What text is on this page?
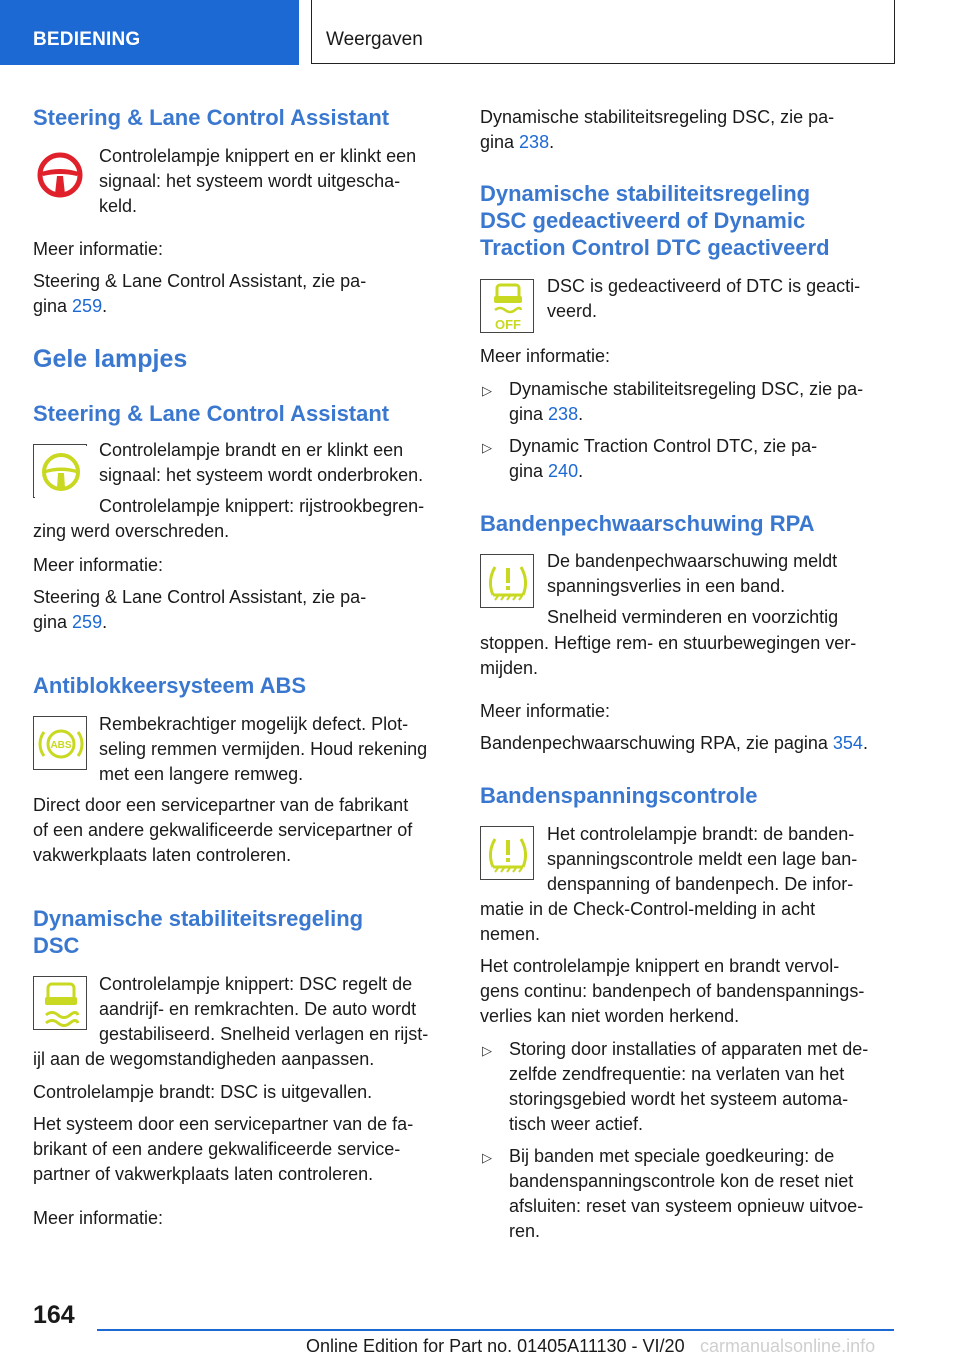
BEDIENING	Weergaven
Steering & Lane Control Assistant
Controlelampje knippert en er klinkt een
signaal: het systeem wordt uitgescha-
keld.
Meer informatie:
Steering & Lane Control Assistant, zie pa-
gina 259.
Gele lampjes
Steering & Lane Control Assistant
Controlelampje brandt en er klinkt een
signaal: het systeem wordt onderbroken.
Controlelampje knippert: rijstrookbegren-
zing werd overschreden.
Meer informatie:
Steering & Lane Control Assistant, zie pa-
gina 259.
Antiblokkeersysteem ABS
ABS
Rembekrachtiger mogelijk defect. Plot-
seling remmen vermijden. Houd rekening
met een langere remweg.
Direct door een servicepartner van de fabrikant
of een andere gekwalificeerde servicepartner of
vakwerkplaats laten controleren.
Dynamische stabiliteitsregeling
DSC
Controlelampje knippert: DSC regelt de
aandrijf- en remkrachten. De auto wordt
gestabiliseerd. Snelheid verlagen en rijst-
ijl aan de wegomstandigheden aanpassen.
Controlelampje brandt: DSC is uitgevallen.
Het systeem door een servicepartner van de fa-
brikant of een andere gekwalificeerde service-
partner of vakwerkplaats laten controleren.
Meer informatie:
Dynamische stabiliteitsregeling DSC, zie pa-
gina 238.
Dynamische stabiliteitsregeling
DSC gedeactiveerd of Dynamic
Traction Control DTC geactiveerd
OFF
DSC is gedeactiveerd of DTC is geacti-
veerd.
Meer informatie:
▷ Dynamische stabiliteitsregeling DSC, zie pa-
gina 238.
▷ Dynamic Traction Control DTC, zie pa-
gina 240.
Bandenpechwaarschuwing RPA
De bandenpechwaarschuwing meldt
spanningsverlies in een band.
Snelheid verminderen en voorzichtig
stoppen. Heftige rem- en stuurbewegingen ver-
mijden.
Meer informatie:
Bandenpechwaarschuwing RPA, zie pagina 354.
Bandenspanningscontrole
Het controlelampje brandt: de banden-
spanningscontrole meldt een lage ban-
denspanning of bandenpech. De infor-
matie in de Check-Control-melding in acht
nemen.
Het controlelampje knippert en brandt vervol-
gens continu: bandenpech of bandenspannings-
verlies kan niet worden herkend.
▷ Storing door installaties of apparaten met de-
zelfde zendfrequentie: na verlaten van het
storingsgebied wordt het systeem automa-
tisch weer actief.
▷ Bij banden met speciale goedkeuring: de
bandenspanningscontrole kon de reset niet
afsluiten: reset van systeem opnieuw uitvoe-
ren.
164
Online Edition for Part no. 01405A11130 - VI/20 carmanualsonline.info
